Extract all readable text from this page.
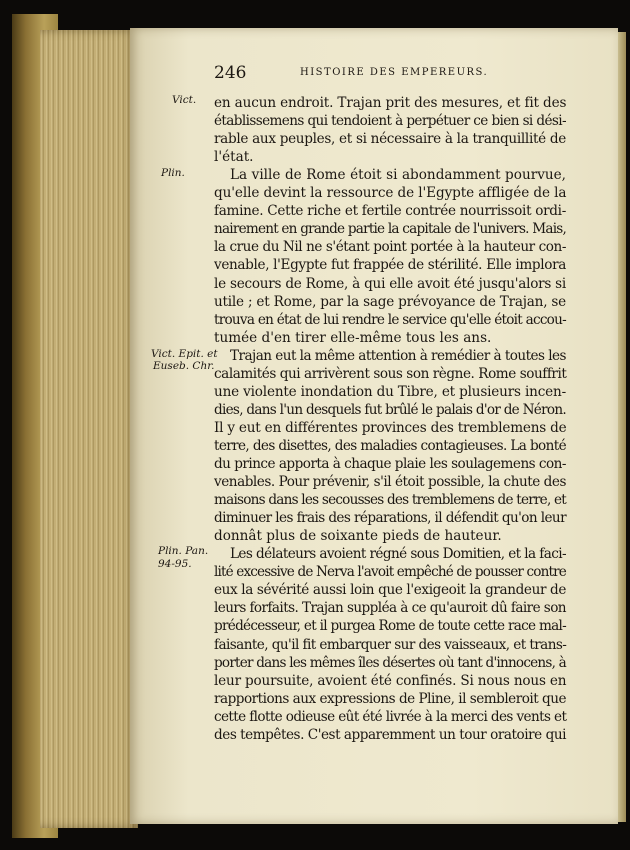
246	HISTOIRE DES EMPEREURS.
Vict.
Plin.
Vict. Epit. et
Euseb. Chr.
Plin. Pan.
94-95.
en aucun endroit. Trajan prit des mesures, et fit des
établissemens qui tendoient à perpétuer ce bien si dési-
rable aux peuples, et si nécessaire à la tranquillité de
l'état.
La ville de Rome étoit si abondamment pourvue,
qu'elle devint la ressource de l'Egypte affligée de la
famine. Cette riche et fertile contrée nourrissoit ordi-
nairement en grande partie la capitale de l'univers. Mais,
la crue du Nil ne s'étant point portée à la hauteur con-
venable, l'Egypte fut frappée de stérilité. Elle implora
le secours de Rome, à qui elle avoit été jusqu'alors si
utile ; et Rome, par la sage prévoyance de Trajan, se
trouva en état de lui rendre le service qu'elle étoit accou-
tumée d'en tirer elle-même tous les ans.
Trajan eut la même attention à remédier à toutes les
calamités qui arrivèrent sous son règne. Rome souffrit
une violente inondation du Tibre, et plusieurs incen-
dies, dans l'un desquels fut brûlé le palais d'or de Néron.
Il y eut en différentes provinces des tremblemens de
terre, des disettes, des maladies contagieuses. La bonté
du prince apporta à chaque plaie les soulagemens con-
venables. Pour prévenir, s'il étoit possible, la chute des
maisons dans les secousses des tremblemens de terre, et
diminuer les frais des réparations, il défendit qu'on leur
donnât plus de soixante pieds de hauteur.
Les délateurs avoient régné sous Domitien, et la faci-
lité excessive de Nerva l'avoit empêché de pousser contre
eux la sévérité aussi loin que l'exigeoit la grandeur de
leurs forfaits. Trajan suppléa à ce qu'auroit dû faire son
prédécesseur, et il purgea Rome de toute cette race mal-
faisante, qu'il fit embarquer sur des vaisseaux, et trans-
porter dans les mêmes îles désertes où tant d'innocens, à
leur poursuite, avoient été confinés. Si nous nous en
rapportions aux expressions de Pline, il sembleroit que
cette flotte odieuse eût été livrée à la merci des vents et
des tempêtes. C'est apparemment un tour oratoire qui
